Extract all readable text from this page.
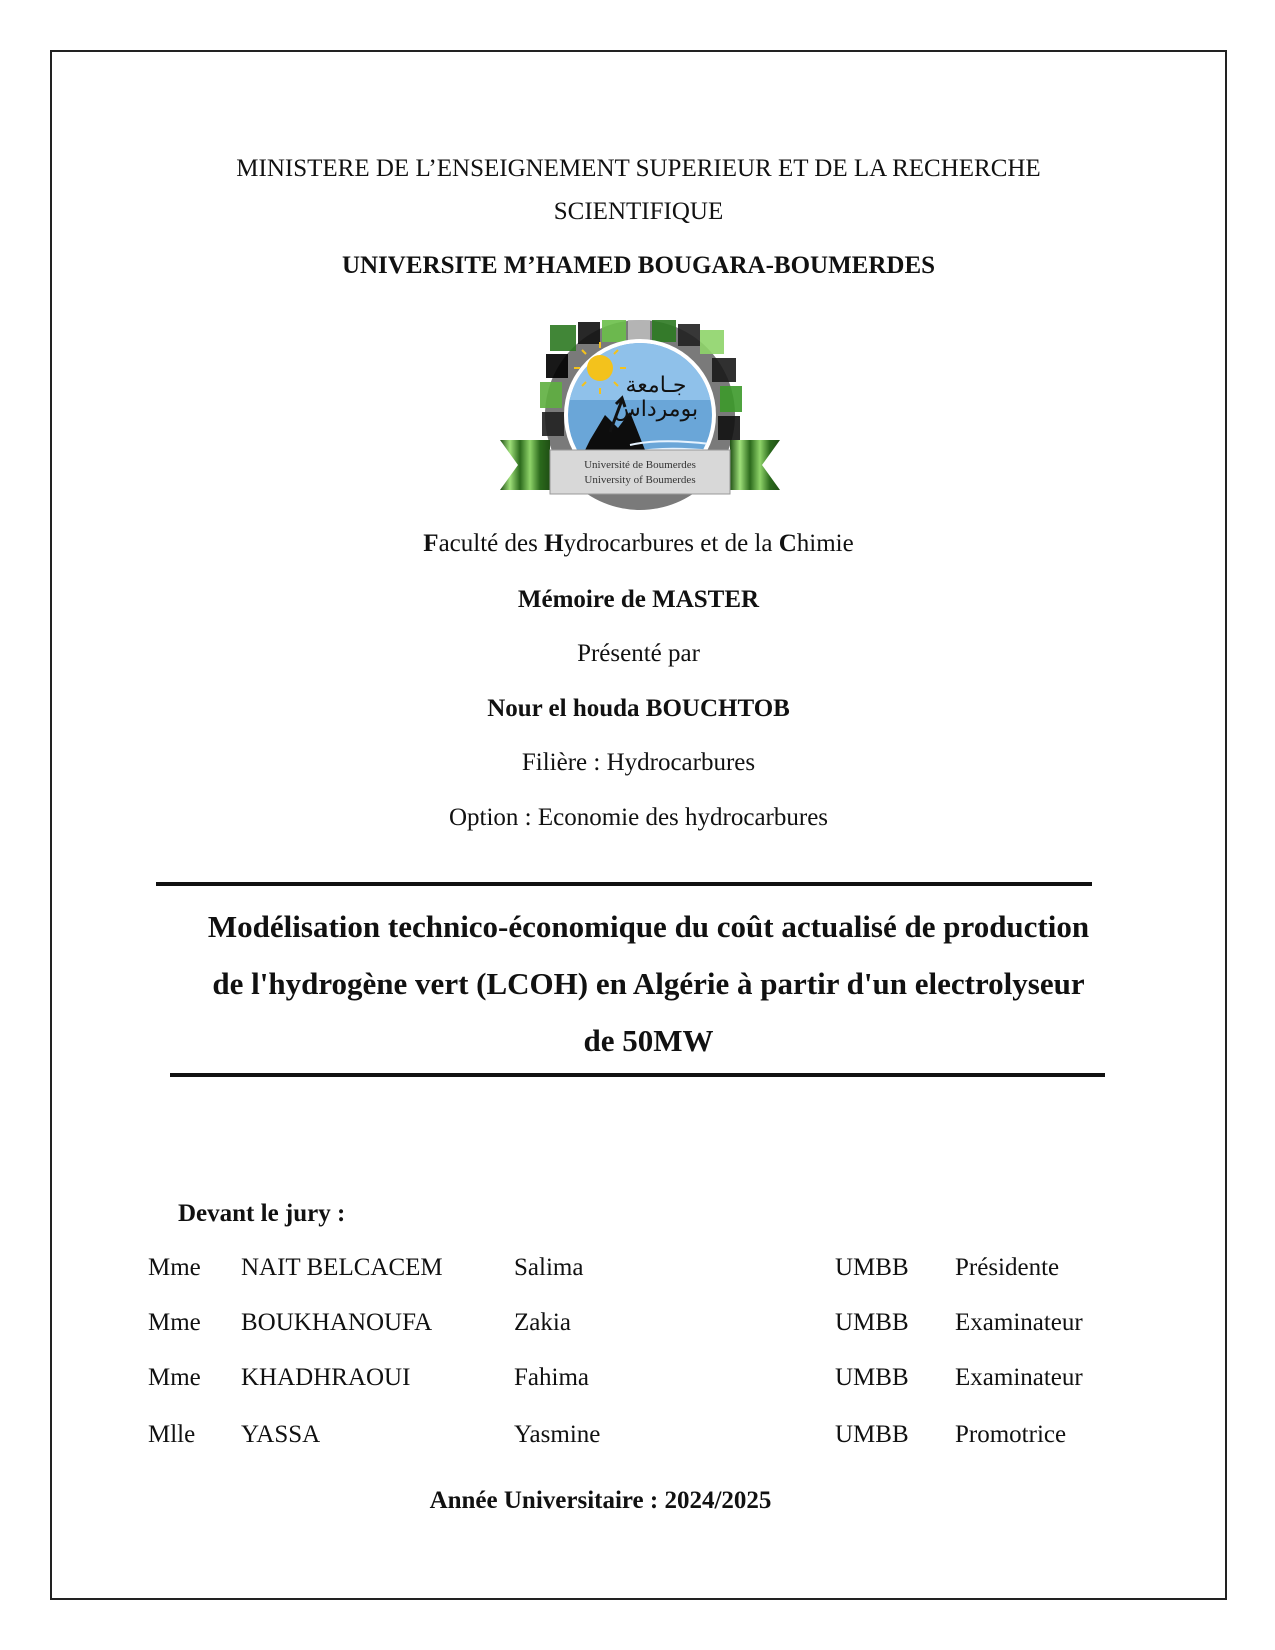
MINISTERE DE L’ENSEIGNEMENT SUPERIEUR ET DE LA RECHERCHE
SCIENTIFIQUE
UNIVERSITE M’HAMED BOUGARA-BOUMERDES
جـامعة
بومرداس
Université de Boumerdes
University of Boumerdes
Faculté des Hydrocarbures et de la Chimie
Mémoire de MASTER
Présenté par
Nour el houda BOUCHTOB
Filière : Hydrocarbures
Option : Economie des hydrocarbures
Modélisation technico-économique du coût actualisé de production
de l'hydrogène vert (LCOH) en Algérie à partir d'un electrolyseur
de 50MW
Devant le jury :
Mme NAIT BELCACEM	Salima	UMBB Présidente
Mme BOUKHANOUFA	Zakia	UMBB Examinateur
Mme KHADHRAOUI	Fahima	UMBB Examinateur
Mlle YASSA	Yasmine	UMBB Promotrice
Année Universitaire : 2024/2025
